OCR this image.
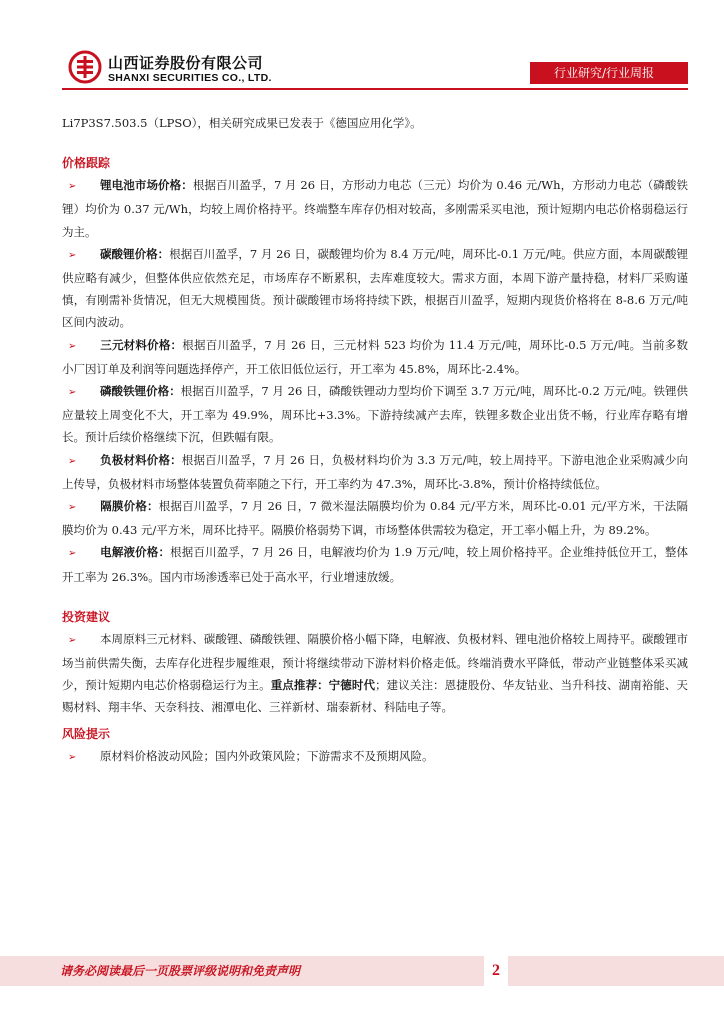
山西证券股份有限公司
SHANXI SECURITIES CO., LTD.	行业研究/行业周报

Li7P3S7.503.5（LPSO），相关研究成果已发表于《德国应用化学》。

价格跟踪

➢ 锂电池市场价格：根据百川盈孚，7 月 26 日，方形动力电芯（三元）均价为 0.46 元/Wh，方形动力电芯（磷酸铁锂）均价为 0.37 元/Wh，均较上周价格持平。终端整车库存仍相对较高，多刚需采买电池，预计短期内电芯价格弱稳运行为主。

➢ 碳酸锂价格：根据百川盈孚，7 月 26 日，碳酸锂均价为 8.4 万元/吨，周环比-0.1 万元/吨。供应方面，本周碳酸锂供应略有减少，但整体供应依然充足，市场库存不断累积，去库难度较大。需求方面，本周下游产量持稳，材料厂采购谨慎，有刚需补货情况，但无大规模囤货。预计碳酸锂市场将持续下跌，根据百川盈孚，短期内现货价格将在 8-8.6 万元/吨区间内波动。

➢ 三元材料价格：根据百川盈孚，7 月 26 日，三元材料 523 均价为 11.4 万元/吨，周环比-0.5 万元/吨。当前多数小厂因订单及利润等问题选择停产，开工依旧低位运行，开工率为 45.8%，周环比-2.4%。

➢ 磷酸铁锂价格：根据百川盈孚，7 月 26 日，磷酸铁锂动力型均价下调至 3.7 万元/吨，周环比-0.2 万元/吨。铁锂供应量较上周变化不大，开工率为 49.9%，周环比+3.3%。下游持续减产去库，铁锂多数企业出货不畅，行业库存略有增长。预计后续价格继续下沉，但跌幅有限。

➢ 负极材料价格：根据百川盈孚，7 月 26 日，负极材料均价为 3.3 万元/吨，较上周持平。下游电池企业采购减少向上传导，负极材料市场整体装置负荷率随之下行，开工率约为 47.3%，周环比-3.8%，预计价格持续低位。

➢ 隔膜价格：根据百川盈孚，7 月 26 日，7 微米湿法隔膜均价为 0.84 元/平方米，周环比-0.01 元/平方米，干法隔膜均价为 0.43 元/平方米，周环比持平。隔膜价格弱势下调，市场整体供需较为稳定，开工率小幅上升，为 89.2%。

➢ 电解液价格：根据百川盈孚，7 月 26 日，电解液均价为 1.9 万元/吨，较上周价格持平。企业维持低位开工，整体开工率为 26.3%。国内市场渗透率已处于高水平，行业增速放缓。

投资建议

➢ 本周原料三元材料、碳酸锂、磷酸铁锂、隔膜价格小幅下降，电解液、负极材料、锂电池价格较上周持平。碳酸锂市场当前供需失衡，去库存化进程步履维艰，预计将继续带动下游材料价格走低。终端消费水平降低，带动产业链整体采买减少，预计短期内电芯价格弱稳运行为主。重点推荐：宁德时代；建议关注：恩捷股份、华友钴业、当升科技、湖南裕能、天赐材料、翔丰华、天奈科技、湘潭电化、三祥新材、瑞泰新材、科陆电子等。

风险提示

➢ 原材料价格波动风险；国内外政策风险；下游需求不及预期风险。

请务必阅读最后一页股票评级说明和免责声明	2
